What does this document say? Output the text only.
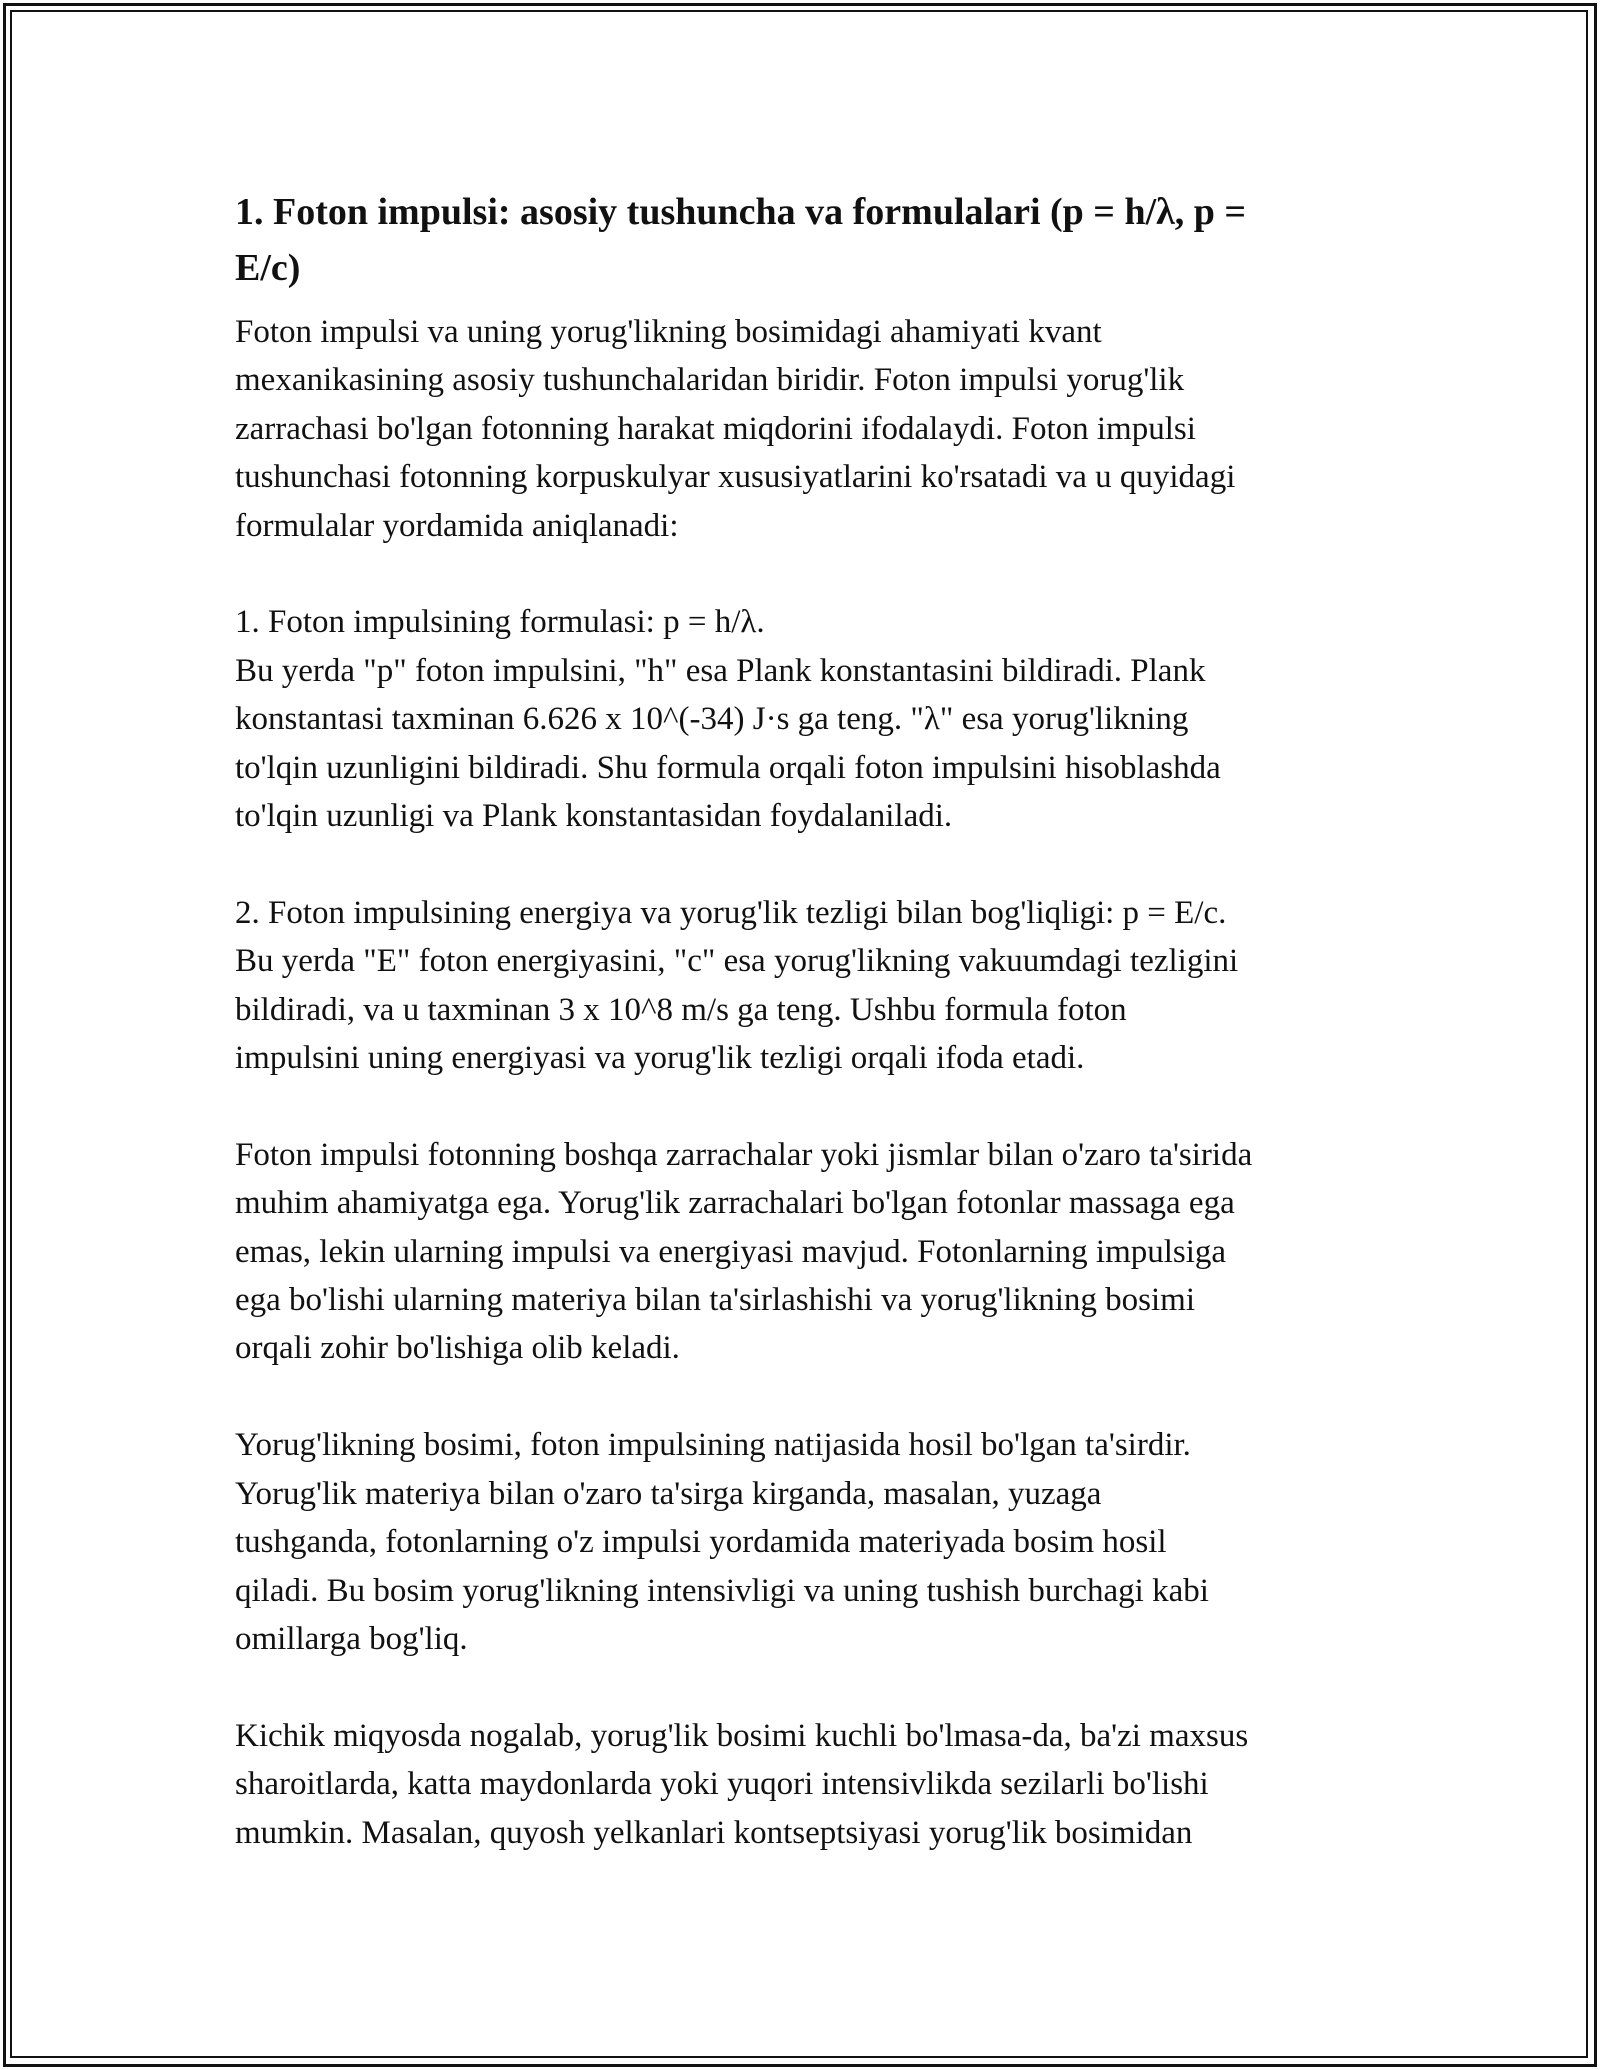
1. Foton impulsi: asosiy tushuncha va formulalari (p = h/λ, p =
E/c)

Foton impulsi va uning yorug'likning bosimidagi ahamiyati kvant
mexanikasining asosiy tushunchalaridan biridir. Foton impulsi yorug'lik
zarrachasi bo'lgan fotonning harakat miqdorini ifodalaydi. Foton impulsi
tushunchasi fotonning korpuskulyar xususiyatlarini ko'rsatadi va u quyidagi
formulalar yordamida aniqlanadi:

1. Foton impulsining formulasi: p = h/λ.
Bu yerda "p" foton impulsini, "h" esa Plank konstantasini bildiradi. Plank
konstantasi taxminan 6.626 x 10^(-34) J·s ga teng. "λ" esa yorug'likning
to'lqin uzunligini bildiradi. Shu formula orqali foton impulsini hisoblashda
to'lqin uzunligi va Plank konstantasidan foydalaniladi.

2. Foton impulsining energiya va yorug'lik tezligi bilan bog'liqligi: p = E/c.
Bu yerda "E" foton energiyasini, "c" esa yorug'likning vakuumdagi tezligini
bildiradi, va u taxminan 3 x 10^8 m/s ga teng. Ushbu formula foton
impulsini uning energiyasi va yorug'lik tezligi orqali ifoda etadi.

Foton impulsi fotonning boshqa zarrachalar yoki jismlar bilan o'zaro ta'sirida
muhim ahamiyatga ega. Yorug'lik zarrachalari bo'lgan fotonlar massaga ega
emas, lekin ularning impulsi va energiyasi mavjud. Fotonlarning impulsiga
ega bo'lishi ularning materiya bilan ta'sirlashishi va yorug'likning bosimi
orqali zohir bo'lishiga olib keladi.

Yorug'likning bosimi, foton impulsining natijasida hosil bo'lgan ta'sirdir.
Yorug'lik materiya bilan o'zaro ta'sirga kirganda, masalan, yuzaga
tushganda, fotonlarning o'z impulsi yordamida materiyada bosim hosil
qiladi. Bu bosim yorug'likning intensivligi va uning tushish burchagi kabi
omillarga bog'liq.

Kichik miqyosda nogalab, yorug'lik bosimi kuchli bo'lmasa-da, ba'zi maxsus
sharoitlarda, katta maydonlarda yoki yuqori intensivlikda sezilarli bo'lishi
mumkin. Masalan, quyosh yelkanlari kontseptsiyasi yorug'lik bosimidan
